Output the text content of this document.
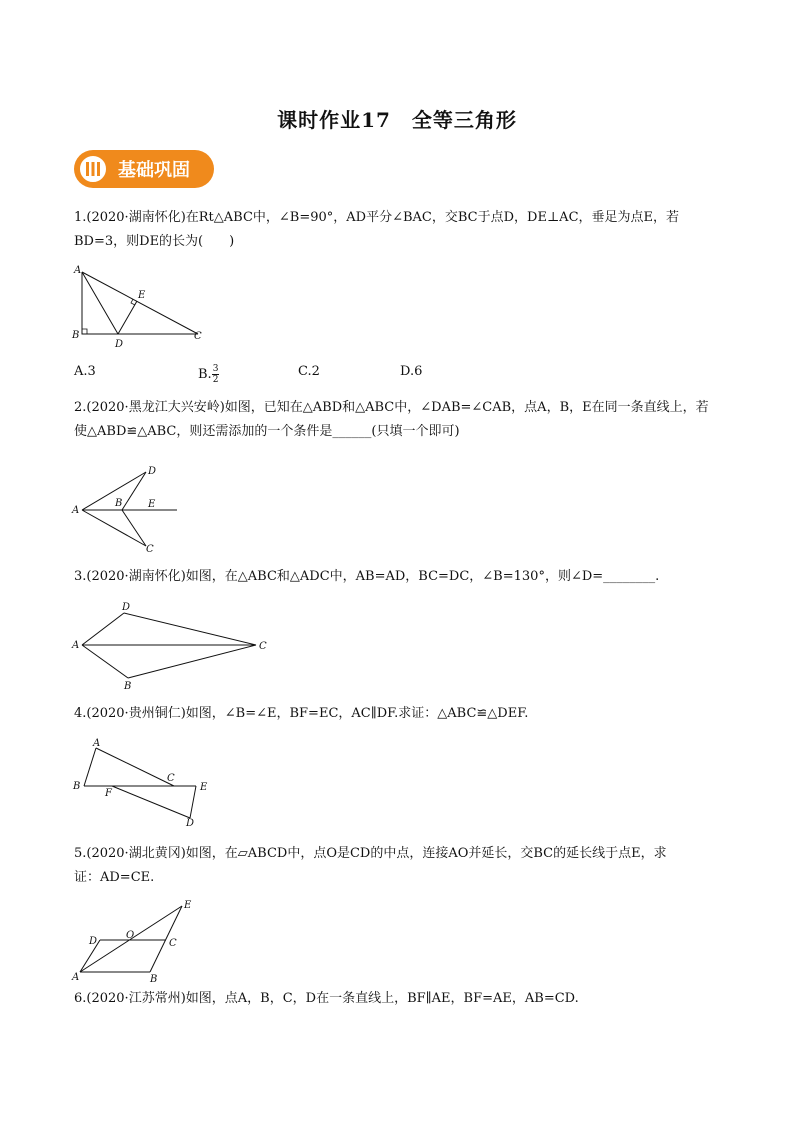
课时作业17　全等三角形
基础巩固

1.(2020·湖南怀化)在Rt△ABC中，∠B=90°，AD平分∠BAC，交BC于点D，DE⊥AC，垂足为点E，若

BD=3，则DE的长为(　　)

A
E
B
D
C
A.3	B. $\frac{3}{2}$	C.2	D.6

2.(2020·黑龙江大兴安岭)如图，已知在△ABD和△ABC中，∠DAB=∠CAB，点A，B，E在同一条直线上，若

使△ABD≌△ABC，则还需添加的一个条件是______(只填一个即可)

D
A
B	E
C

3.(2020·湖南怀化)如图，在△ABC和△ADC中，AB=AD，BC=DC，∠B=130°，则∠D=________.

D
A	C
B

4.(2020·贵州铜仁)如图，∠B=∠E，BF=EC，AC∥DF.求证：△ABC≌△DEF.

A
C
B
F
E
D

5.(2020·湖北黄冈)如图，在▱ABCD中，点O是CD的中点，连接AO并延长，交BC的延长线于点E，求

证：AD=CE.

E
D
O
C
A	B

6.(2020·江苏常州)如图，点A，B，C，D在一条直线上，BF∥AE，BF=AE，AB=CD.
